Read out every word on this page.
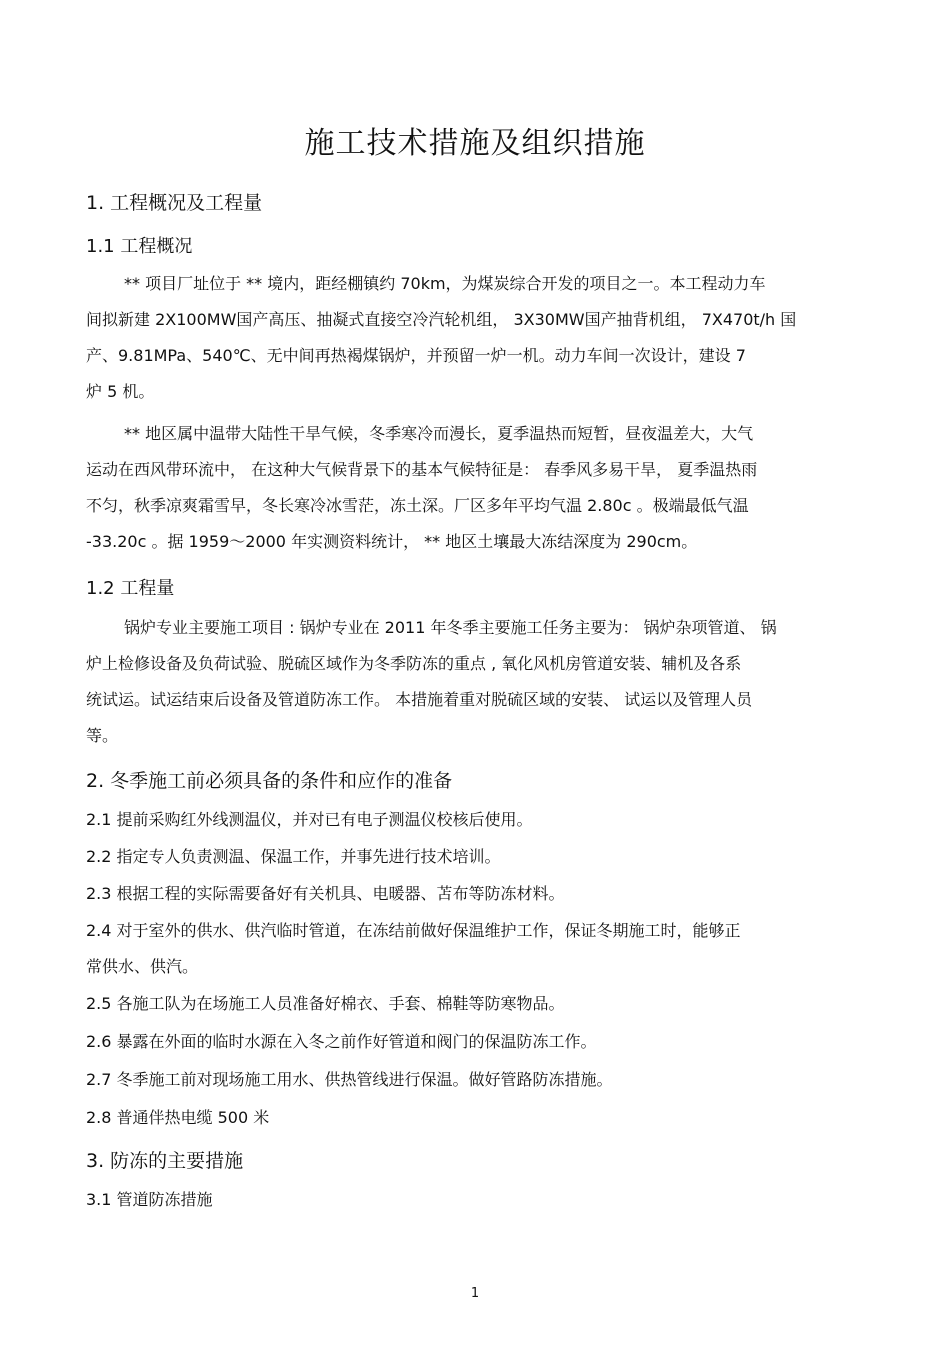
施工技术措施及组织措施
1. 工程概况及工程量
1.1 工程概况
** 项目厂址位于 ** 境内，距经棚镇约 70km，为煤炭综合开发的项目之一。本工程动力车
间拟新建 2X100MW国产高压、抽凝式直接空冷汽轮机组， 3X30MW国产抽背机组， 7X470t/h 国
产、9.81MPa、540℃、无中间再热褐煤锅炉，并预留一炉一机。动力车间一次设计，建设 7
炉 5 机。
** 地区属中温带大陆性干旱气候，冬季寒冷而漫长，夏季温热而短暂，昼夜温差大，大气
运动在西风带环流中， 在这种大气候背景下的基本气候特征是： 春季风多易干旱， 夏季温热雨
不匀，秋季凉爽霜雪早，冬长寒冷冰雪茫，冻土深。厂区多年平均气温 2.80c 。极端最低气温
-33.20c 。据 1959～2000 年实测资料统计， ** 地区土壤最大冻结深度为 290cm。
1.2 工程量
锅炉专业主要施工项目 : 锅炉专业在 2011 年冬季主要施工任务主要为： 锅炉杂项管道、 锅
炉上检修设备及负荷试验、脱硫区域作为冬季防冻的重点 , 氧化风机房管道安装、辅机及各系
统试运。试运结束后设备及管道防冻工作。 本措施着重对脱硫区域的安装、 试运以及管理人员
等。
2. 冬季施工前必须具备的条件和应作的准备
2.1 提前采购红外线测温仪，并对已有电子测温仪校核后使用。
2.2 指定专人负责测温、保温工作，并事先进行技术培训。
2.3 根据工程的实际需要备好有关机具、电暖器、苫布等防冻材料。
2.4 对于室外的供水、供汽临时管道，在冻结前做好保温维护工作，保证冬期施工时，能够正
常供水、供汽。
2.5 各施工队为在场施工人员准备好棉衣、手套、棉鞋等防寒物品。
2.6 暴露在外面的临时水源在入冬之前作好管道和阀门的保温防冻工作。
2.7 冬季施工前对现场施工用水、供热管线进行保温。做好管路防冻措施。
2.8 普通伴热电缆 500 米
3. 防冻的主要措施
3.1 管道防冻措施
1
